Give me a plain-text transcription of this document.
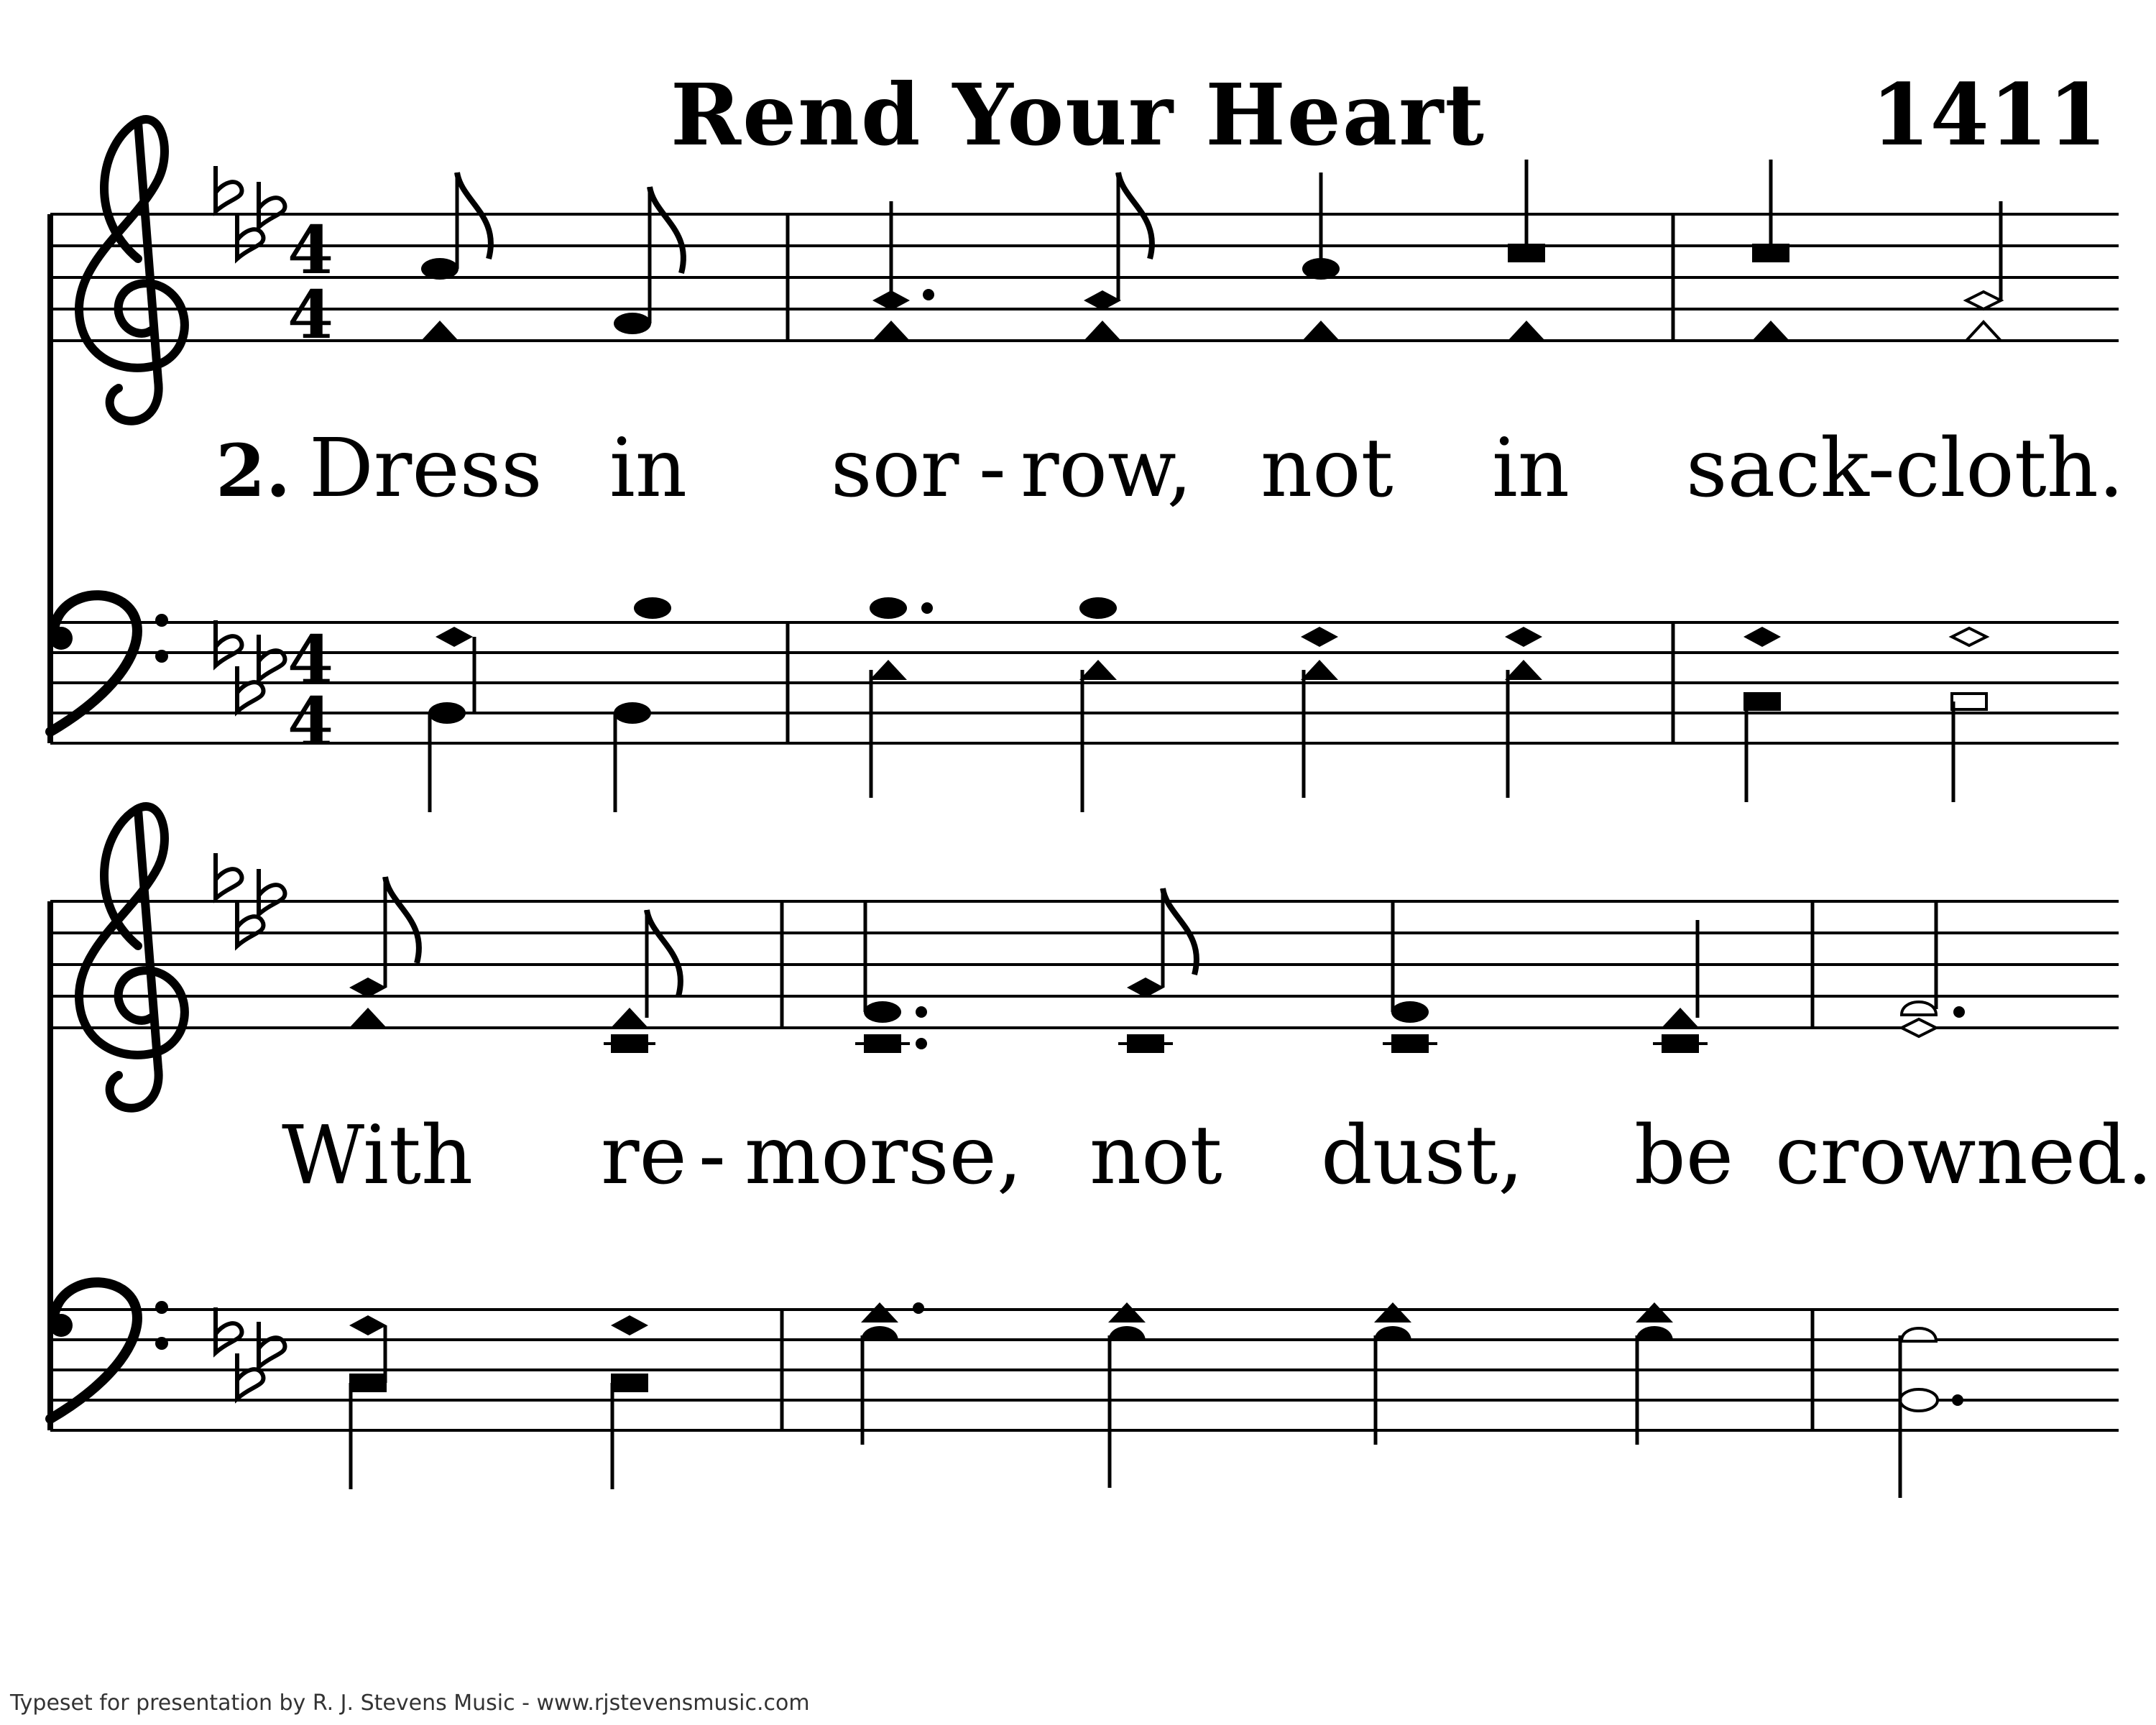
Rend Your Heart	1411
4
4
2. Dress in sor - row, not in sack-cloth.
4
4
With re - morse, not dust, be crowned.
Typeset for presentation by R. J. Stevens Music - www.rjstevensmusic.com
